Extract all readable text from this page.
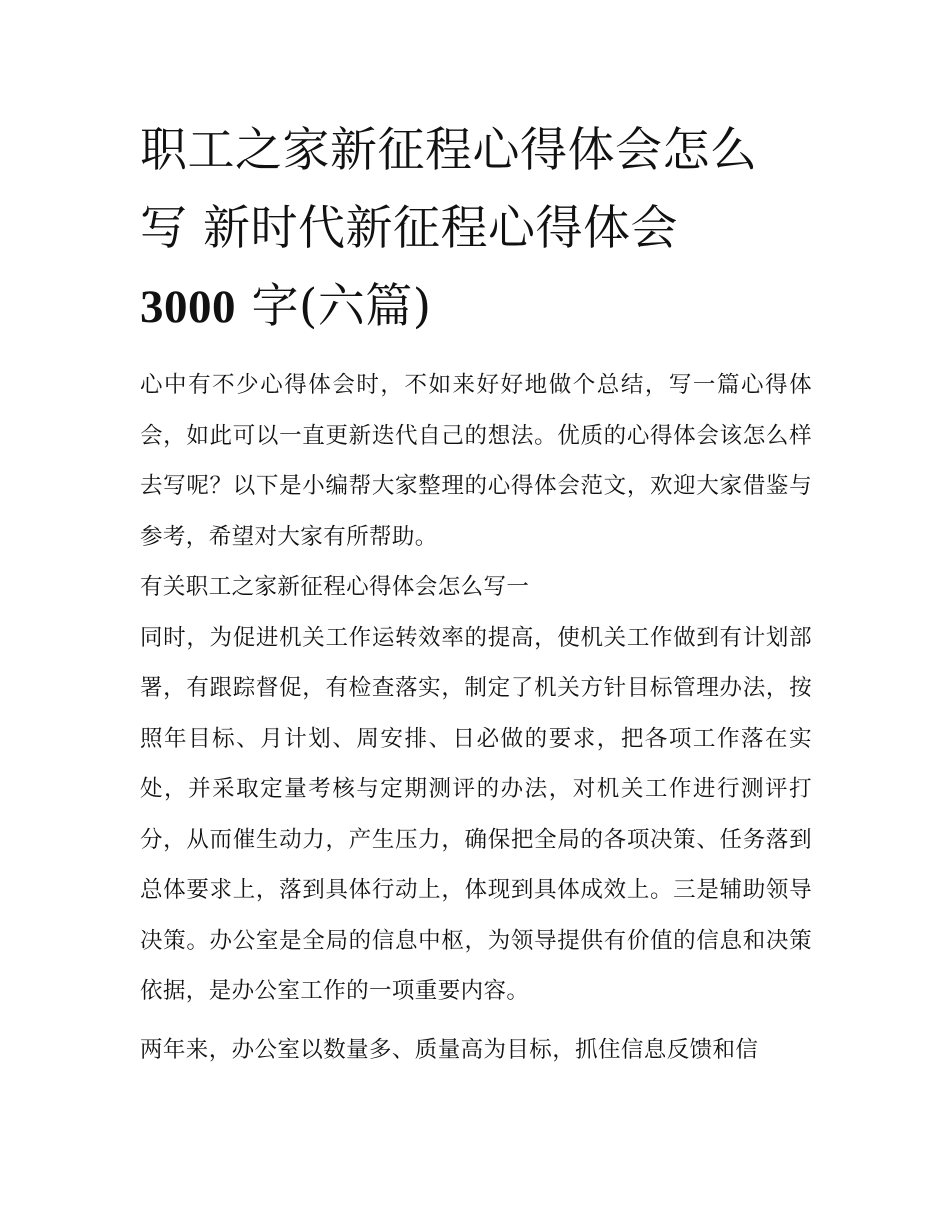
职工之家新征程心得体会怎么
写 新时代新征程心得体会
3000 字(六篇)

心中有不少心得体会时，不如来好好地做个总结，写一篇心得体会，如此可以一直更新迭代自己的想法。优质的心得体会该怎么样去写呢？以下是小编帮大家整理的心得体会范文，欢迎大家借鉴与参考，希望对大家有所帮助。

有关职工之家新征程心得体会怎么写一

同时，为促进机关工作运转效率的提高，使机关工作做到有计划部署，有跟踪督促，有检查落实，制定了机关方针目标管理办法，按照年目标、月计划、周安排、日必做的要求，把各项工作落在实处，并采取定量考核与定期测评的办法，对机关工作进行测评打分，从而催生动力，产生压力，确保把全局的各项决策、任务落到总体要求上，落到具体行动上，体现到具体成效上。三是辅助领导决策。办公室是全局的信息中枢，为领导提供有价值的信息和决策依据，是办公室工作的一项重要内容。

两年来，办公室以数量多、质量高为目标，抓住信息反馈和信
